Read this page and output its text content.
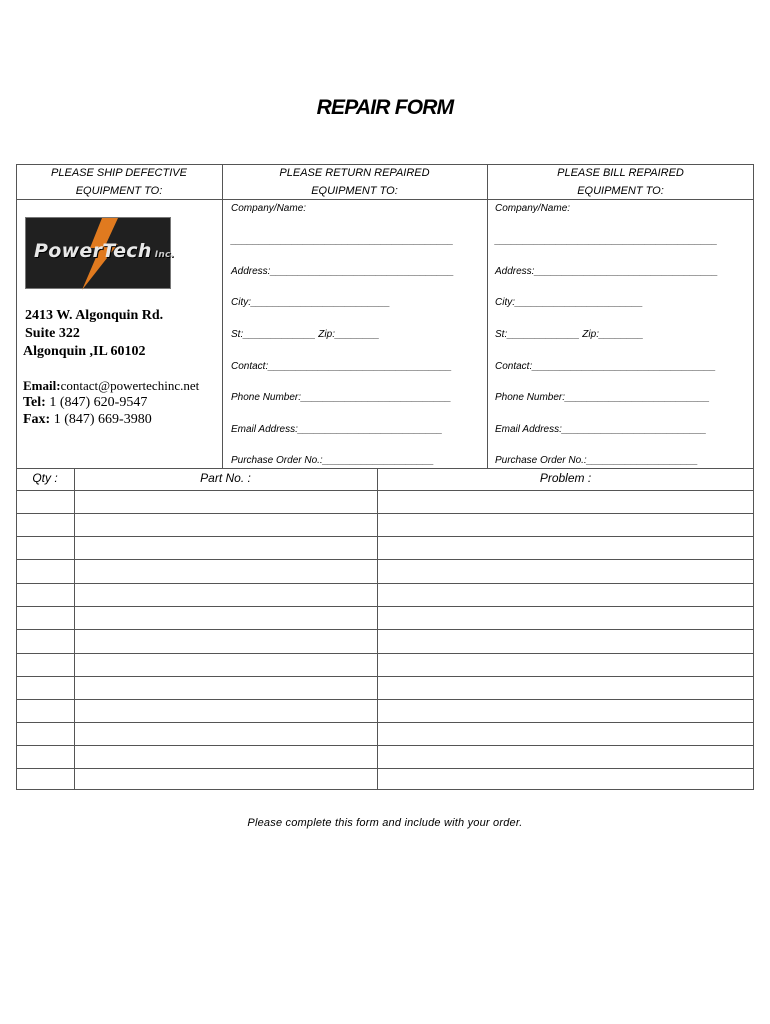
REPAIR FORM
PLEASE SHIP DEFECTIVE
EQUIPMENT TO:
PLEASE RETURN REPAIRED
EQUIPMENT TO:
PLEASE BILL REPAIRED
EQUIPMENT TO:
PowerTech Inc.
2413 W. Algonquin Rd.
Suite 322
Algonquin ,IL 60102
Email:contact@powertechinc.net
Tel: 1 (847) 620-9547
Fax: 1 (847) 669-3980
Company/Name:
________________________________________
Address:_________________________________
City:_________________________
St:_____________ Zip:________
Contact:_________________________________
Phone Number:___________________________
Email Address:__________________________
Purchase Order No.:____________________
Company/Name:
________________________________________
Address:_________________________________
City:_______________________
St:_____________ Zip:________
Contact:_________________________________
Phone Number:__________________________
Email Address:__________________________
Purchase Order No.:____________________
Qty :	Part No. :	Problem :
Please complete this form and include with your order.
